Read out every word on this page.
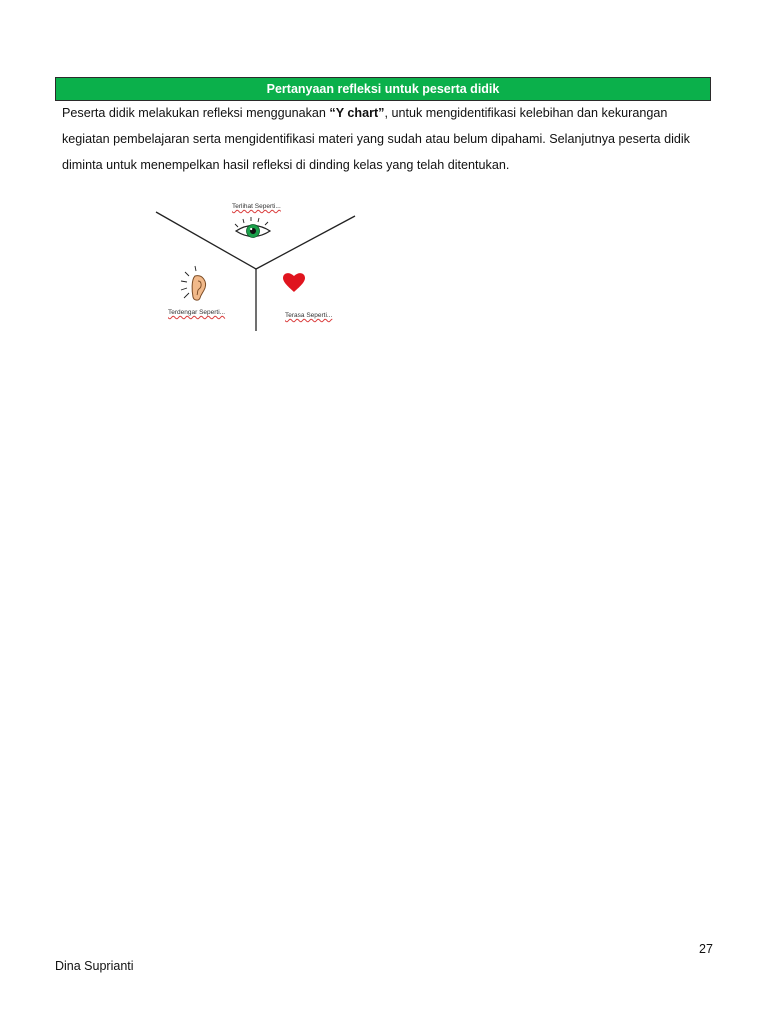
Pertanyaan refleksi untuk peserta didik

Peserta didik melakukan refleksi menggunakan “Y chart”, untuk mengidentifikasi kelebihan dan kekurangan kegiatan pembelajaran serta mengidentifikasi materi yang sudah atau belum dipahami. Selanjutnya peserta didik diminta untuk menempelkan hasil refleksi di dinding kelas yang telah ditentukan.

Terlihat Seperti...
Terdengar Seperti...	Terasa Seperti...
27
Dina Suprianti
